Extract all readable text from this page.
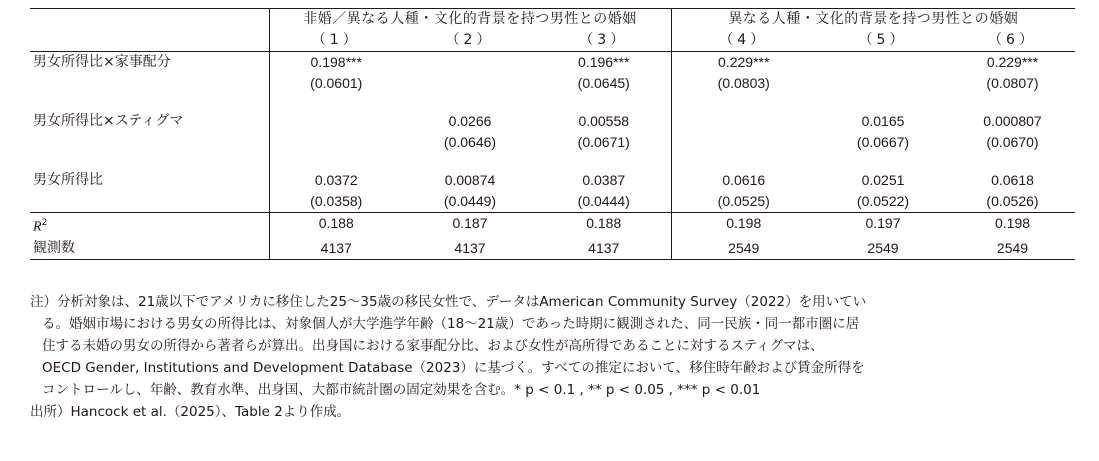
	非婚／異なる人種・文化的背景を持つ男性との婚姻			異なる人種・文化的背景を持つ男性との婚姻		
	（1）	（2）	（3）	（4）	（5）	（6）
男女所得比×家事配分	0.198***		0.196***	0.229***		0.229***
	(0.0601)		(0.0645)	(0.0803)		(0.0807)

男女所得比×スティグマ		0.0266	0.00558		0.0165	0.000807
		(0.0646)	(0.0671)		(0.0667)	(0.0670)

男女所得比	0.0372	0.00874	0.0387	0.0616	0.0251	0.0618
	(0.0358)	(0.0449)	(0.0444)	(0.0525)	(0.0522)	(0.0526)
$R^2$	0.188	0.187	0.188	0.198	0.197	0.198
観測数	4137	4137	4137	2549	2549	2549

注）分析対象は、21歳以下でアメリカに移住した25～35歳の移民女性で、データはAmerican Community Survey（2022）を用いてい

る。婚姻市場における男女の所得比は、対象個人が大学進学年齢（18～21歳）であった時期に観測された、同一民族・同一都市圏に居

住する未婚の男女の所得から著者らが算出。出身国における家事配分比、および女性が高所得であることに対するスティグマは、

OECD Gender, Institutions and Development Database（2023）に基づく。すべての推定において、移住時年齢および賃金所得を

コントロールし、年齢、教育水準、出身国、大都市統計圏の固定効果を含む。* p < 0.1 , ** p < 0.05 , *** p < 0.01

出所）Hancock et al.（2025）、Table 2より作成。
